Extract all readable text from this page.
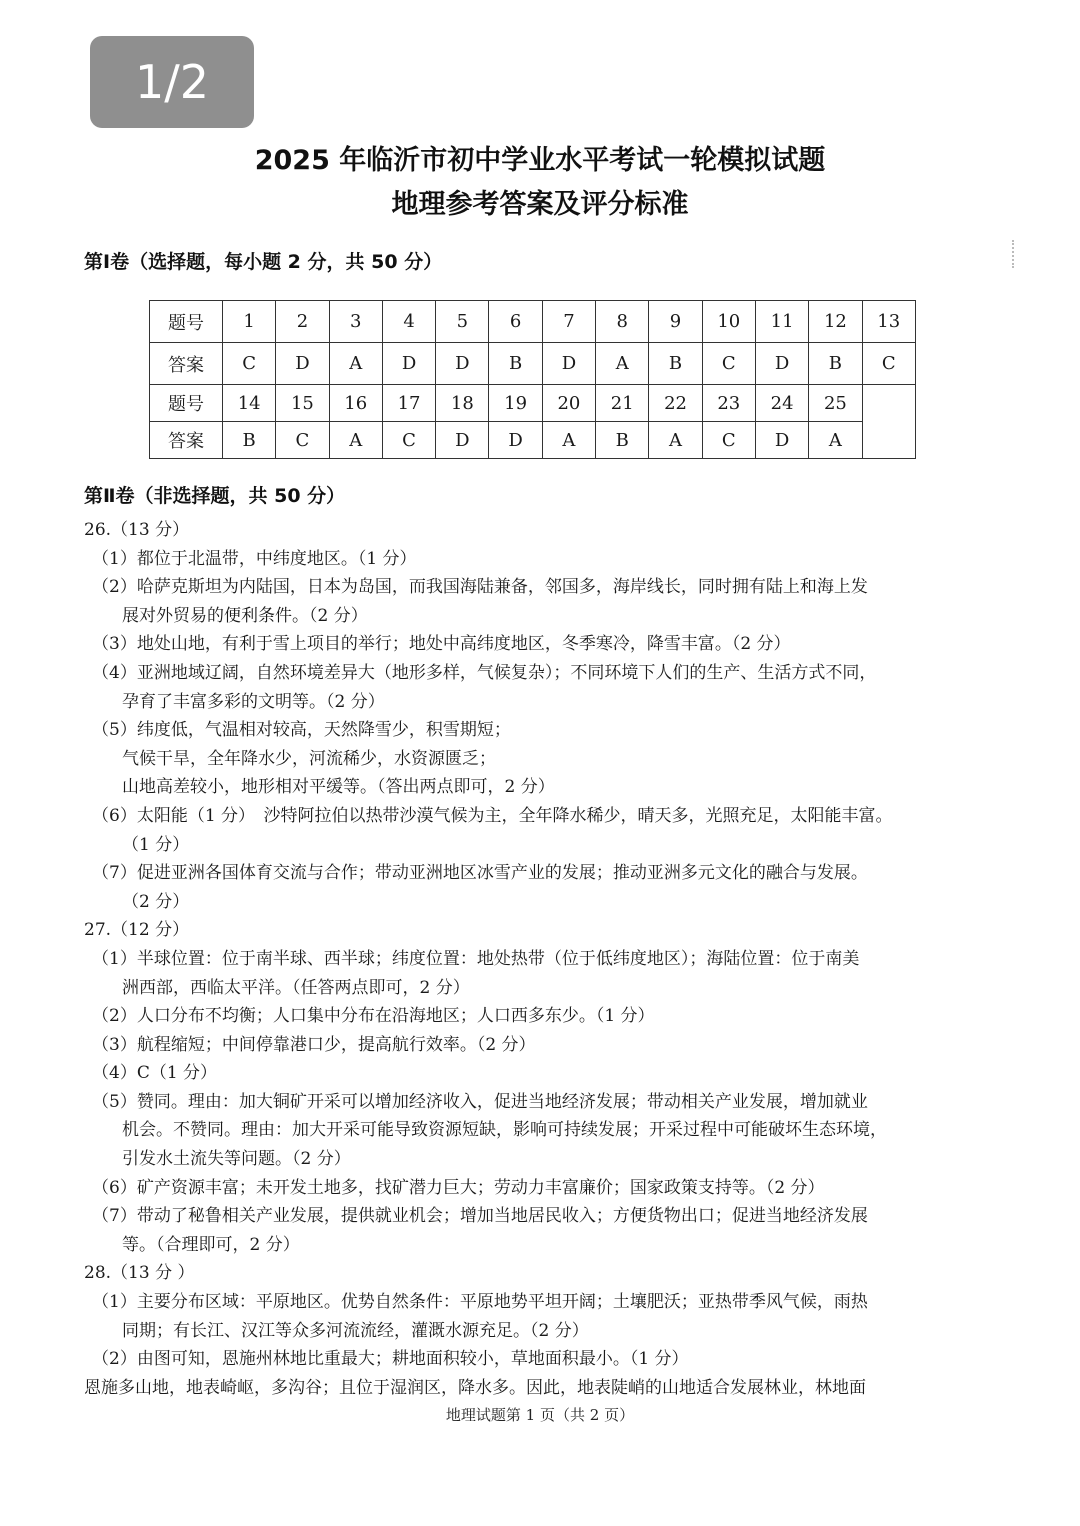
1/2
2025 年临沂市初中学业水平考试一轮模拟试题
地理参考答案及评分标准
第Ⅰ卷（选择题，每小题 2 分，共 50 分）
题号	1	2	3	4	5	6	7	8	9	10	11	12	13
答案	C	D	A	D	D	B	D	A	B	C	D	B	C
题号	14	15	16	17	18	19	20	21	22	23	24	25	
答案	B	C	A	C	D	D	A	B	A	C	D	A	
第Ⅱ卷（非选择题，共 50 分）
26.（13 分）
（1）都位于北温带，中纬度地区。（1 分）
（2）哈萨克斯坦为内陆国，日本为岛国，而我国海陆兼备，邻国多，海岸线长，同时拥有陆上和海上发
展对外贸易的便利条件。（2 分）
（3）地处山地，有利于雪上项目的举行；地处中高纬度地区，冬季寒冷，降雪丰富。（2 分）
（4）亚洲地域辽阔，自然环境差异大（地形多样，气候复杂）；不同环境下人们的生产、生活方式不同，
孕育了丰富多彩的文明等。（2 分）
（5）纬度低，气温相对较高，天然降雪少，积雪期短；
气候干旱，全年降水少，河流稀少，水资源匮乏；
山地高差较小，地形相对平缓等。（答出两点即可，2 分）
（6）太阳能（1 分）　沙特阿拉伯以热带沙漠气候为主，全年降水稀少，晴天多，光照充足，太阳能丰富。
（1 分）
（7）促进亚洲各国体育交流与合作；带动亚洲地区冰雪产业的发展；推动亚洲多元文化的融合与发展。
（2 分）
27.（12 分）
（1）半球位置：位于南半球、西半球；纬度位置：地处热带（位于低纬度地区）；海陆位置：位于南美
洲西部，西临太平洋。（任答两点即可，2 分）
（2）人口分布不均衡；人口集中分布在沿海地区；人口西多东少。（1 分）
（3）航程缩短；中间停靠港口少，提高航行效率。（2 分）
（4）C（1 分）
（5）赞同。理由：加大铜矿开采可以增加经济收入，促进当地经济发展；带动相关产业发展，增加就业
机会。不赞同。理由：加大开采可能导致资源短缺，影响可持续发展；开采过程中可能破坏生态环境，
引发水土流失等问题。（2 分）
（6）矿产资源丰富；未开发土地多，找矿潜力巨大；劳动力丰富廉价；国家政策支持等。（2 分）
（7）带动了秘鲁相关产业发展，提供就业机会；增加当地居民收入；方便货物出口；促进当地经济发展
等。（合理即可，2 分）
28.（13 分 ）
（1）主要分布区域：平原地区。优势自然条件：平原地势平坦开阔；土壤肥沃；亚热带季风气候，雨热
同期；有长江、汉江等众多河流流经，灌溉水源充足。（2 分）
（2）由图可知，恩施州林地比重最大；耕地面积较小，草地面积最小。（1 分）
恩施多山地，地表崎岖，多沟谷；且位于湿润区，降水多。因此，地表陡峭的山地适合发展林业，林地面
地理试题第 1 页（共 2 页）
